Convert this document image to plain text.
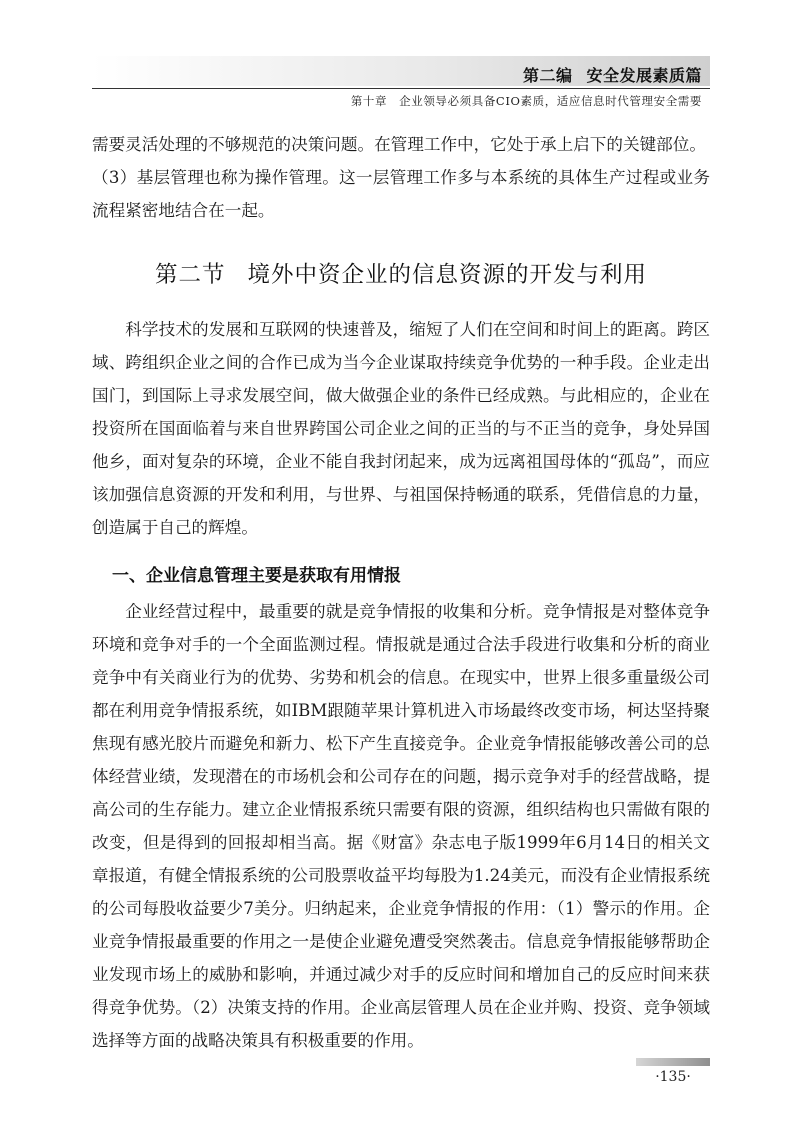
第二编 安全发展素质篇
第十章 企业领导必须具备CIO素质，适应信息时代管理安全需要

需要灵活处理的不够规范的决策问题。在管理工作中，它处于承上启下的关键部位。
（3）基层管理也称为操作管理。这一层管理工作多与本系统的具体生产过程或业务流程紧密地结合在一起。

第二节 境外中资企业的信息资源的开发与利用

科学技术的发展和互联网的快速普及，缩短了人们在空间和时间上的距离。跨区域、跨组织企业之间的合作已成为当今企业谋取持续竞争优势的一种手段。企业走出国门，到国际上寻求发展空间，做大做强企业的条件已经成熟。与此相应的，企业在投资所在国面临着与来自世界跨国公司企业之间的正当的与不正当的竞争，身处异国他乡，面对复杂的环境，企业不能自我封闭起来，成为远离祖国母体的“孤岛”，而应该加强信息资源的开发和利用，与世界、与祖国保持畅通的联系，凭借信息的力量，创造属于自己的辉煌。

一、企业信息管理主要是获取有用情报

企业经营过程中，最重要的就是竞争情报的收集和分析。竞争情报是对整体竞争环境和竞争对手的一个全面监测过程。情报就是通过合法手段进行收集和分析的商业竞争中有关商业行为的优势、劣势和机会的信息。在现实中，世界上很多重量级公司都在利用竞争情报系统，如IBM跟随苹果计算机进入市场最终改变市场，柯达坚持聚焦现有感光胶片而避免和新力、松下产生直接竞争。企业竞争情报能够改善公司的总体经营业绩，发现潜在的市场机会和公司存在的问题，揭示竞争对手的经营战略，提高公司的生存能力。建立企业情报系统只需要有限的资源，组织结构也只需做有限的改变，但是得到的回报却相当高。据《财富》杂志电子版1999年6月14日的相关文章报道，有健全情报系统的公司股票收益平均每股为1.24美元，而没有企业情报系统的公司每股收益要少7美分。归纳起来，企业竞争情报的作用：（1）警示的作用。企业竞争情报最重要的作用之一是使企业避免遭受突然袭击。信息竞争情报能够帮助企业发现市场上的威胁和影响，并通过减少对手的反应时间和增加自己的反应时间来获得竞争优势。（2）决策支持的作用。企业高层管理人员在企业并购、投资、竞争领域选择等方面的战略决策具有积极重要的作用。

·135·
